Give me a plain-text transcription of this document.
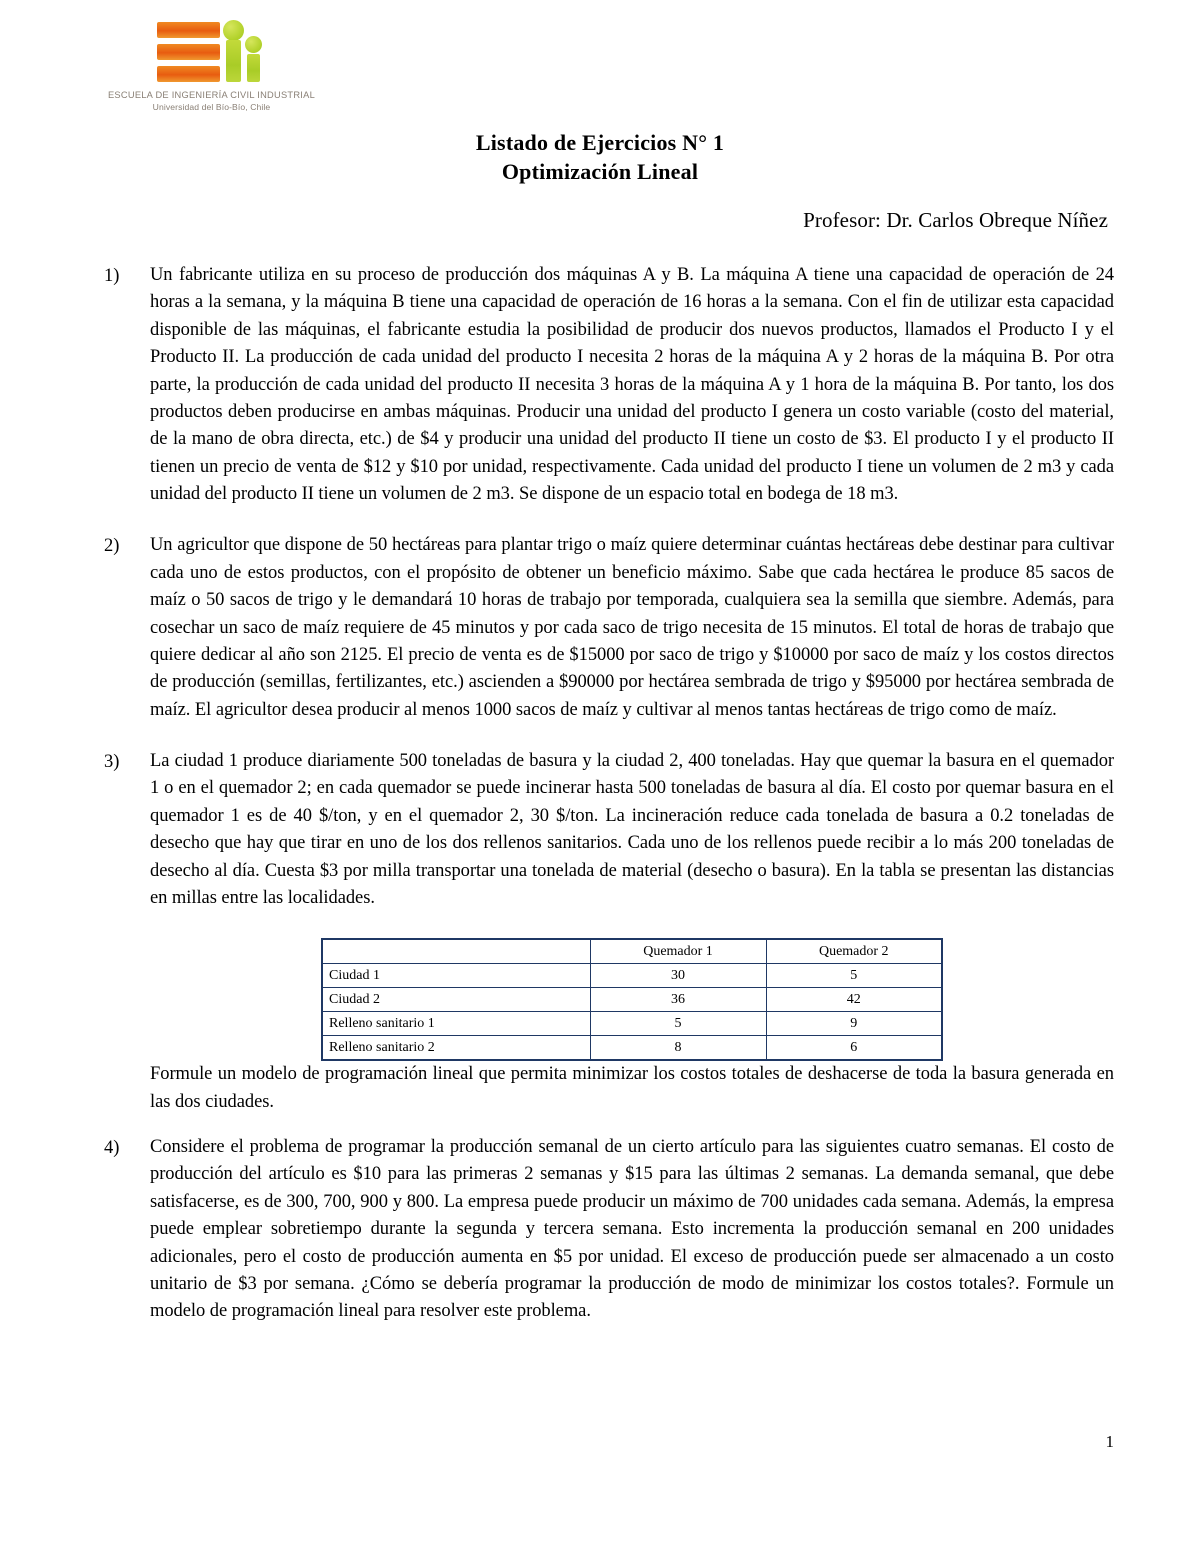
ESCUELA DE INGENIERÍA CIVIL INDUSTRIAL
Universidad del Bío-Bío, Chile
Listado de Ejercicios N° 1
Optimización Lineal
Profesor: Dr. Carlos Obreque Níñez
1)	Un fabricante utiliza en su proceso de producción dos máquinas A y B. La máquina A tiene una capacidad de operación de 24 horas a la semana, y la máquina B tiene una capacidad de operación de 16 horas a la semana. Con el fin de utilizar esta capacidad disponible de las máquinas, el fabricante estudia la posibilidad de producir dos nuevos productos, llamados el Producto I y el Producto II. La producción de cada unidad del producto I necesita 2 horas de la máquina A y 2 horas de la máquina B. Por otra parte, la producción de cada unidad del producto II necesita 3 horas de la máquina A y 1 hora de la máquina B. Por tanto, los dos productos deben producirse en ambas máquinas. Producir una unidad del producto I genera un costo variable (costo del material, de la mano de obra directa, etc.) de $4 y producir una unidad del producto II tiene un costo de $3. El producto I y el producto II tienen un precio de venta de $12 y $10 por unidad, respectivamente. Cada unidad del producto I tiene un volumen de 2 m3 y cada unidad del producto II tiene un volumen de 2 m3. Se dispone de un espacio total en bodega de 18 m3.

2)	Un agricultor que dispone de 50 hectáreas para plantar trigo o maíz quiere determinar cuántas hectáreas debe destinar para cultivar cada uno de estos productos, con el propósito de obtener un beneficio máximo. Sabe que cada hectárea le produce 85 sacos de maíz o 50 sacos de trigo y le demandará 10 horas de trabajo por temporada, cualquiera sea la semilla que siembre. Además, para cosechar un saco de maíz requiere de 45 minutos y por cada saco de trigo necesita de 15 minutos. El total de horas de trabajo que quiere dedicar al año son 2125. El precio de venta es de $15000 por saco de trigo y $10000 por saco de maíz y los costos directos de producción (semillas, fertilizantes, etc.) ascienden a $90000 por hectárea sembrada de trigo y $95000 por hectárea sembrada de maíz. El agricultor desea producir al menos 1000 sacos de maíz y cultivar al menos tantas hectáreas de trigo como de maíz.

3)	La ciudad 1 produce diariamente 500 toneladas de basura y la ciudad 2, 400 toneladas. Hay que quemar la basura en el quemador 1 o en el quemador 2; en cada quemador se puede incinerar hasta 500 toneladas de basura al día. El costo por quemar basura en el quemador 1 es de 40 $/ton, y en el quemador 2, 30 $/ton. La incineración reduce cada tonelada de basura a 0.2 toneladas de desecho que hay que tirar en uno de los dos rellenos sanitarios. Cada uno de los rellenos puede recibir a lo más 200 toneladas de desecho al día. Cuesta $3 por milla transportar una tonelada de material (desecho o basura). En la tabla se presentan las distancias en millas entre las localidades.

	Quemador 1	Quemador 2
Ciudad 1	30	5
Ciudad 2	36	42
Relleno sanitario 1	5	9
Relleno sanitario 2	8	6

Formule un modelo de programación lineal que permita minimizar los costos totales de deshacerse de toda la basura generada en las dos ciudades.

4)	Considere el problema de programar la producción semanal de un cierto artículo para las siguientes cuatro semanas. El costo de producción del artículo es $10 para las primeras 2 semanas y $15 para las últimas 2 semanas. La demanda semanal, que debe satisfacerse, es de 300, 700, 900 y 800. La empresa puede producir un máximo de 700 unidades cada semana. Además, la empresa puede emplear sobretiempo durante la segunda y tercera semana. Esto incrementa la producción semanal en 200 unidades adicionales, pero el costo de producción aumenta en $5 por unidad. El exceso de producción puede ser almacenado a un costo unitario de $3 por semana. ¿Cómo se debería programar la producción de modo de minimizar los costos totales?. Formule un modelo de programación lineal para resolver este problema.

1
